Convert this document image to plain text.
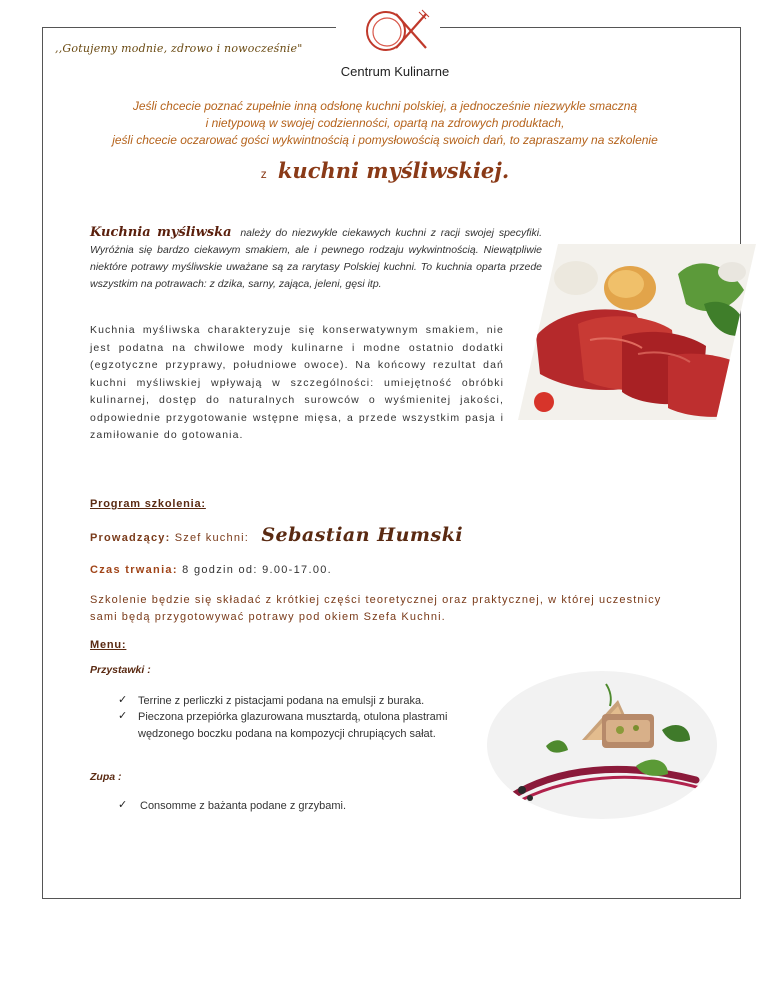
,,Gotujemy modnie, zdrowo i nowocześnie"
Centrum Kulinarne

Jeśli chcecie poznać zupełnie inną odsłonę kuchni polskiej, a jednocześnie niezwykle smaczną

i nietypową w swojej codzienności, opartą na zdrowych produktach,

jeśli chcecie oczarować gości wykwintnością i pomysłowością swoich dań, to zapraszamy na szkolenie

z kuchni myśliwskiej.
Kuchnia myśliwska należy do niezwykle ciekawych kuchni z racji swojej specyfiki. Wyróżnia się bardzo ciekawym smakiem, ale i pewnego rodzaju wykwintnością. Niewątpliwie niektóre potrawy myśliwskie uważane są za rarytasy Polskiej kuchni. To kuchnia oparta przede wszystkim na potrawach: z dzika, sarny, zająca, jeleni, gęsi itp.
Kuchnia myśliwska charakteryzuje się konserwatywnym smakiem, nie jest podatna na chwilowe mody kulinarne i modne ostatnio dodatki (egzotyczne przyprawy, południowe owoce). Na końcowy rezultat dań kuchni myśliwskiej wpływają w szczególności: umiejętność obróbki kulinarnej, dostęp do naturalnych surowców o wyśmienitej jakości, odpowiednie przygotowanie wstępne mięsa, a przede wszystkim pasja i zamiłowanie do gotowania.
Program szkolenia:
Prowadzący: Szef kuchni: Sebastian Humski
Czas trwania: 8 godzin od: 9.00-17.00.
Szkolenie będzie się składać z krótkiej części teoretycznej oraz praktycznej, w której uczestnicy sami będą przygotowywać potrawy pod okiem Szefa Kuchni.
Menu:
Przystawki :
✓ Terrine z perliczki z pistacjami podana na emulsji z buraka.
✓ Pieczona przepiórka glazurowana musztardą, otulona plastrami wędzonego boczku podana na kompozycji chrupiących sałat.
Zupa :
✓ Consomme z bażanta podane z grzybami.
